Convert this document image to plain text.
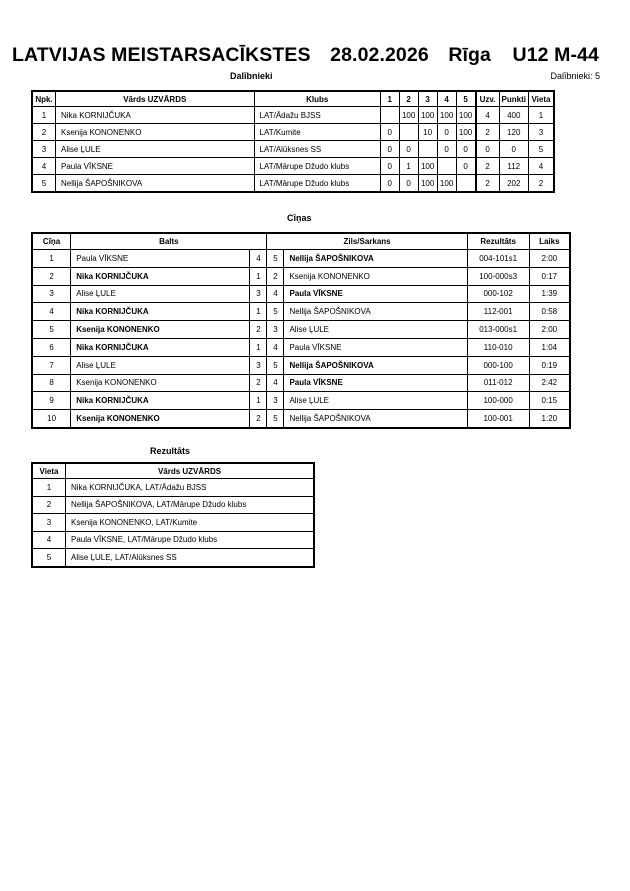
LATVIJAS MEISTARSACĪKSTES 28.02.2026 Rīga U12 M-44
Dalībnieki	Dalībnieki: 5
Npk.	Vārds UZVĀRDS	Klubs	1	2	3	4	5	Uzv.	Punkti	Vieta
1	Nika KORNIJČUKA	LAT/Ādažu BJSS		100	100	100	100	4	400	1
2	Ksenija KONONENKO	LAT/Kumite	0		10	0	100	2	120	3
3	Alise ĻULE	LAT/Alūksnes SS	0	0		0	0	0	0	5
4	Paula VĪKSNE	LAT/Mārupe Džudo klubs	0	1	100		0	2	112	4
5	Nellija ŠAPOŠNIKOVA	LAT/Mārupe Džudo klubs	0	0	100	100		2	202	2
Cīņas
Cīņa	Balts		Zils/Sarkans		Rezultāts	Laiks
1	Paula VĪKSNE	4	5	Nellija ŠAPOŠNIKOVA	004-101s1	2:00
2	Nika KORNIJČUKA	1	2	Ksenija KONONENKO	100-000s3	0:17
3	Alise ĻULE	3	4	Paula VĪKSNE	000-102	1:39
4	Nika KORNIJČUKA	1	5	Nellija ŠAPOŠNIKOVA	112-001	0:58
5	Ksenija KONONENKO	2	3	Alise ĻULE	013-000s1	2:00
6	Nika KORNIJČUKA	1	4	Paula VĪKSNE	110-010	1:04
7	Alise ĻULE	3	5	Nellija ŠAPOŠNIKOVA	000-100	0:19
8	Ksenija KONONENKO	2	4	Paula VĪKSNE	011-012	2:42
9	Nika KORNIJČUKA	1	3	Alise ĻULE	100-000	0:15
10	Ksenija KONONENKO	2	5	Nellija ŠAPOŠNIKOVA	100-001	1:20
Rezultāts
Vieta	Vārds UZVĀRDS
1	Nika KORNIJČUKA, LAT/Ādažu BJSS
2	Nellija ŠAPOŠNIKOVA, LAT/Mārupe Džudo klubs
3	Ksenija KONONENKO, LAT/Kumite
4	Paula VĪKSNE, LAT/Mārupe Džudo klubs
5	Alise ĻULE, LAT/Alūksnes SS
